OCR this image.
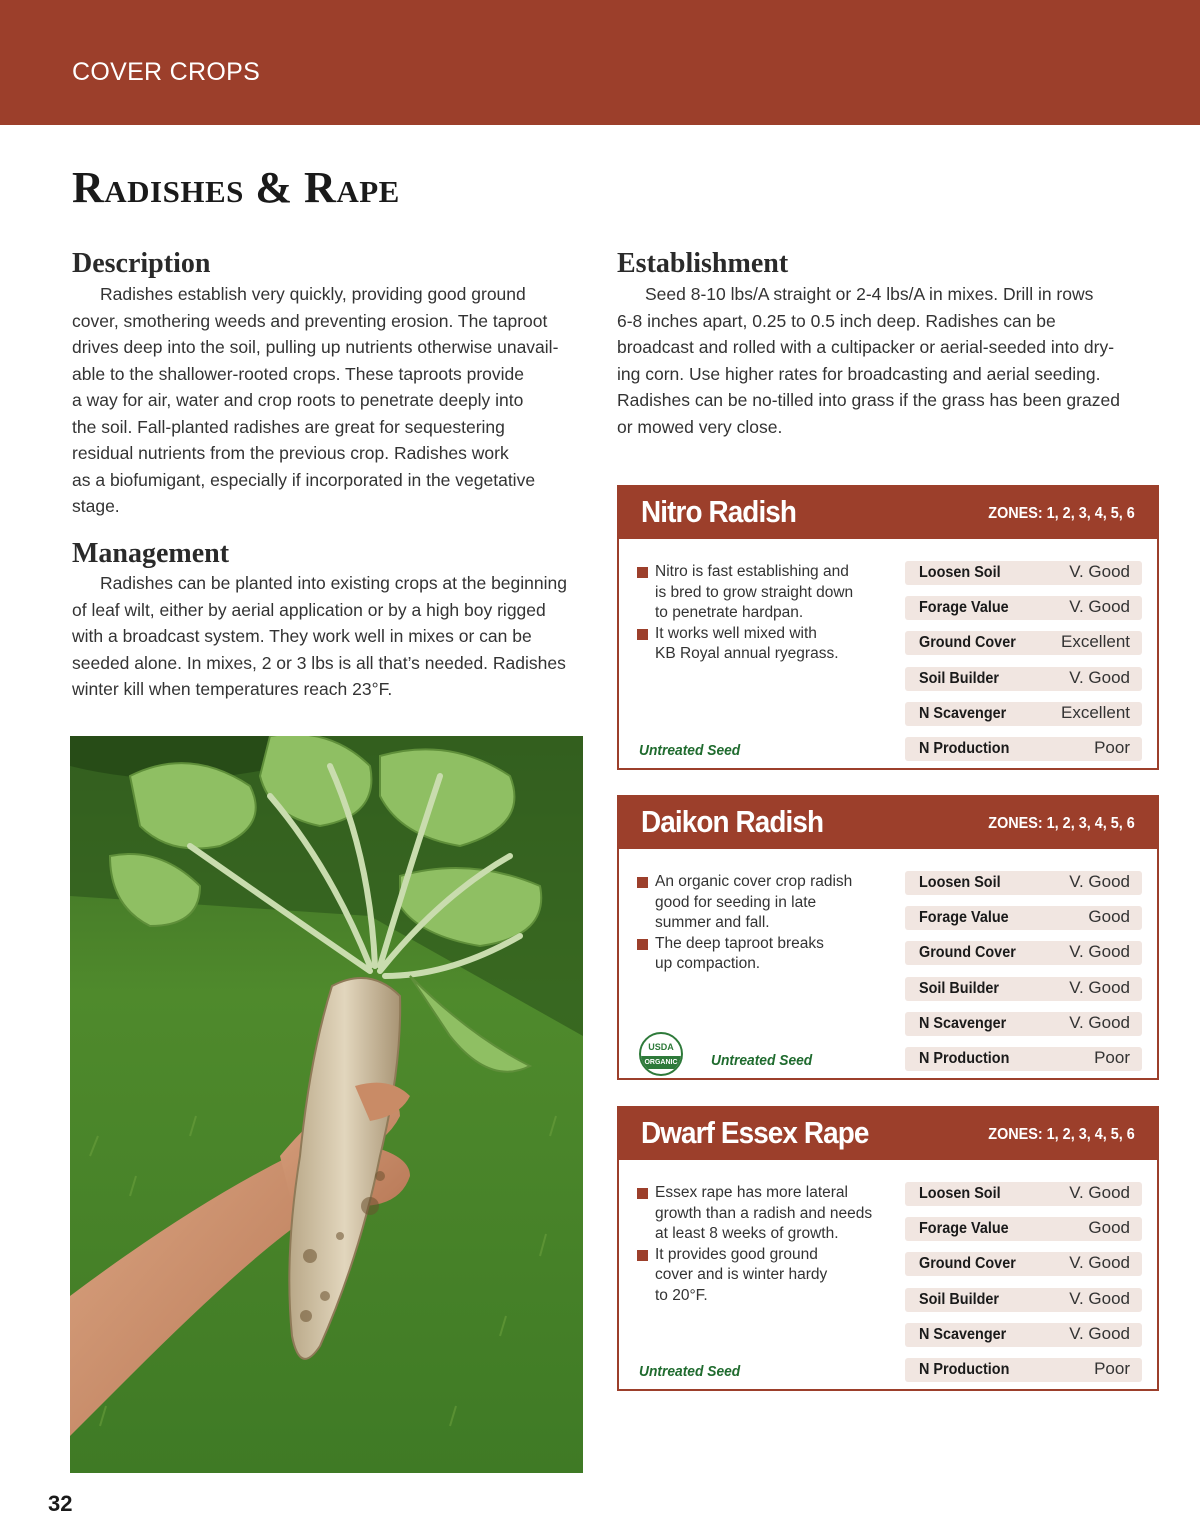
COVER CROPS
Radishes & Rape
Description
Radishes establish very quickly, providing good ground
cover, smothering weeds and preventing erosion. The taproot
drives deep into the soil, pulling up nutrients otherwise unavail-
able to the shallower-rooted crops. These taproots provide
a way for air, water and crop roots to penetrate deeply into
the soil. Fall-planted radishes are great for sequestering
residual nutrients from the previous crop. Radishes work
as a biofumigant, especially if incorporated in the vegetative
stage.
Management
Radishes can be planted into existing crops at the beginning
of leaf wilt, either by aerial application or by a high boy rigged
with a broadcast system. They work well in mixes or can be
seeded alone. In mixes, 2 or 3 lbs is all that’s needed. Radishes
winter kill when temperatures reach 23°F.
Establishment
Seed 8-10 lbs/A straight or 2-4 lbs/A in mixes. Drill in rows
6-8 inches apart, 0.25 to 0.5 inch deep. Radishes can be
broadcast and rolled with a cultipacker or aerial-seeded into dry-
ing corn. Use higher rates for broadcasting and aerial seeding.
Radishes can be no-tilled into grass if the grass has been grazed
or mowed very close.
Nitro Radish	ZONES: 1, 2, 3, 4, 5, 6
Nitro is fast establishing and
is bred to grow straight down
to penetrate hardpan.
It works well mixed with
KB Royal annual ryegrass.
Untreated Seed
Loosen Soil	V. Good
Forage Value	V. Good
Ground Cover	Excellent
Soil Builder	V. Good
N Scavenger	Excellent
N Production	Poor
Daikon Radish	ZONES: 1, 2, 3, 4, 5, 6
An organic cover crop radish
good for seeding in late
summer and fall.
The deep taproot breaks
up compaction.
USDA
ORGANIC Untreated Seed
Loosen Soil	V. Good
Forage Value	Good
Ground Cover	V. Good
Soil Builder	V. Good
N Scavenger	V. Good
N Production	Poor
Dwarf Essex Rape	ZONES: 1, 2, 3, 4, 5, 6
Essex rape has more lateral
growth than a radish and needs
at least 8 weeks of growth.
It provides good ground
cover and is winter hardy
to 20°F.
Untreated Seed
Loosen Soil	V. Good
Forage Value	Good
Ground Cover	V. Good
Soil Builder	V. Good
N Scavenger	V. Good
N Production	Poor
32
